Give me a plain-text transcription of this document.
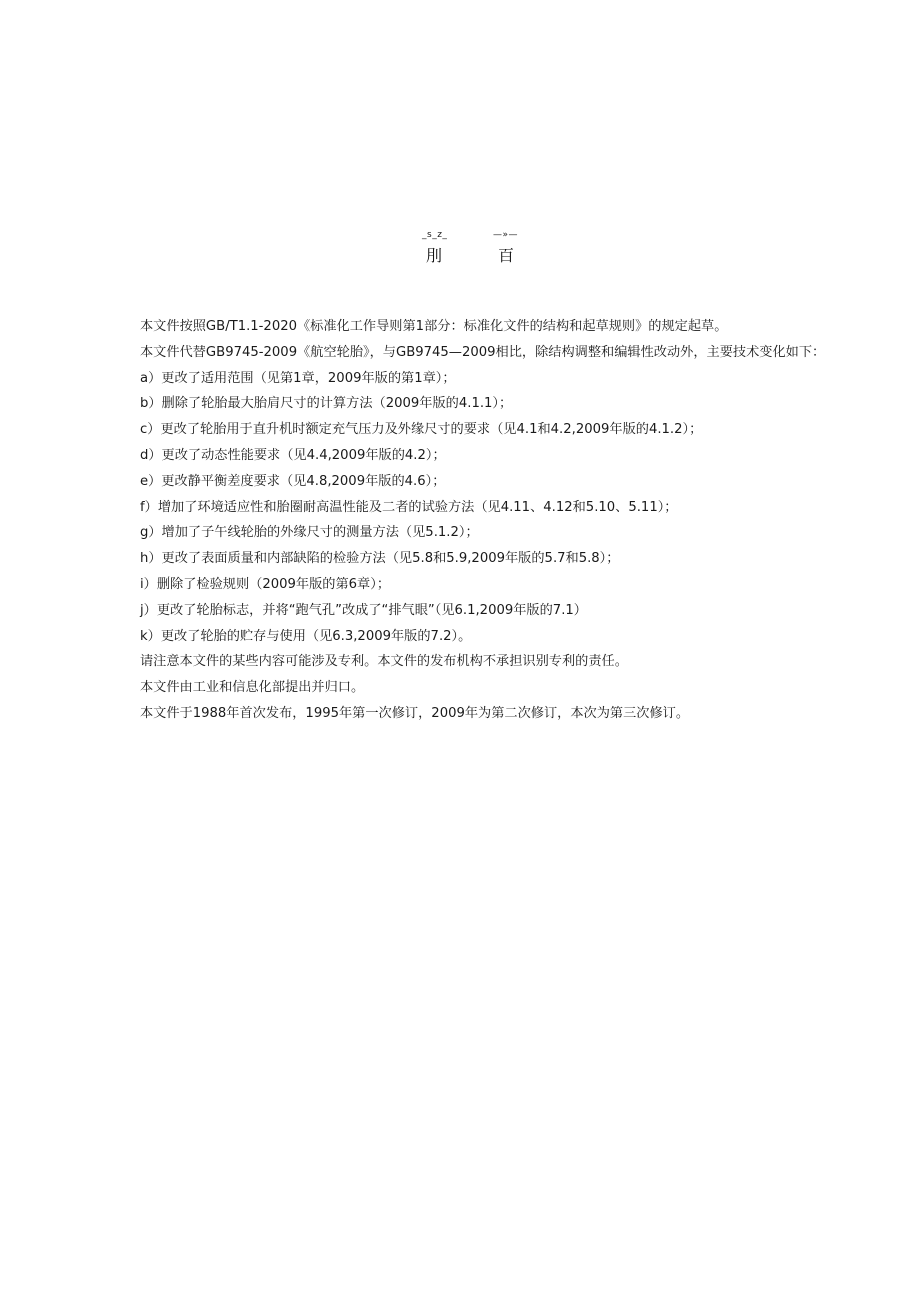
_s_z_	—»—
刖	百

本文件按照GB/T1.1-2020《标准化工作导则第1部分：标准化文件的结构和起草规则》的规定起草。

本文件代替GB9745-2009《航空轮胎》，与GB9745—2009相比，除结构调整和编辑性改动外，主要技术变化如下：

a）更改了适用范围（见第1章，2009年版的第1章）；
b）删除了轮胎最大胎肩尺寸的计算方法（2009年版的4.1.1）；
c）更改了轮胎用于直升机时额定充气压力及外缘尺寸的要求（见4.1和4.2,2009年版的4.1.2）；
d）更改了动态性能要求（见4.4,2009年版的4.2）；
e）更改静平衡差度要求（见4.8,2009年版的4.6）；
f）增加了环境适应性和胎圈耐高温性能及二者的试验方法（见4.11、4.12和5.10、5.11）；
g）增加了子午线轮胎的外缘尺寸的测量方法（见5.1.2）；
h）更改了表面质量和内部缺陷的检验方法（见5.8和5.9,2009年版的5.7和5.8）；
i）删除了检验规则（2009年版的第6章）；
j）更改了轮胎标志，并将“跑气孔”改成了“排气眼”（见6.1,2009年版的7.1）
k）更改了轮胎的贮存与使用（见6.3,2009年版的7.2）。

请注意本文件的某些内容可能涉及专利。本文件的发布机构不承担识别专利的责任。

本文件由工业和信息化部提出并归口。

本文件于1988年首次发布，1995年第一次修订，2009年为第二次修订，本次为第三次修订。
